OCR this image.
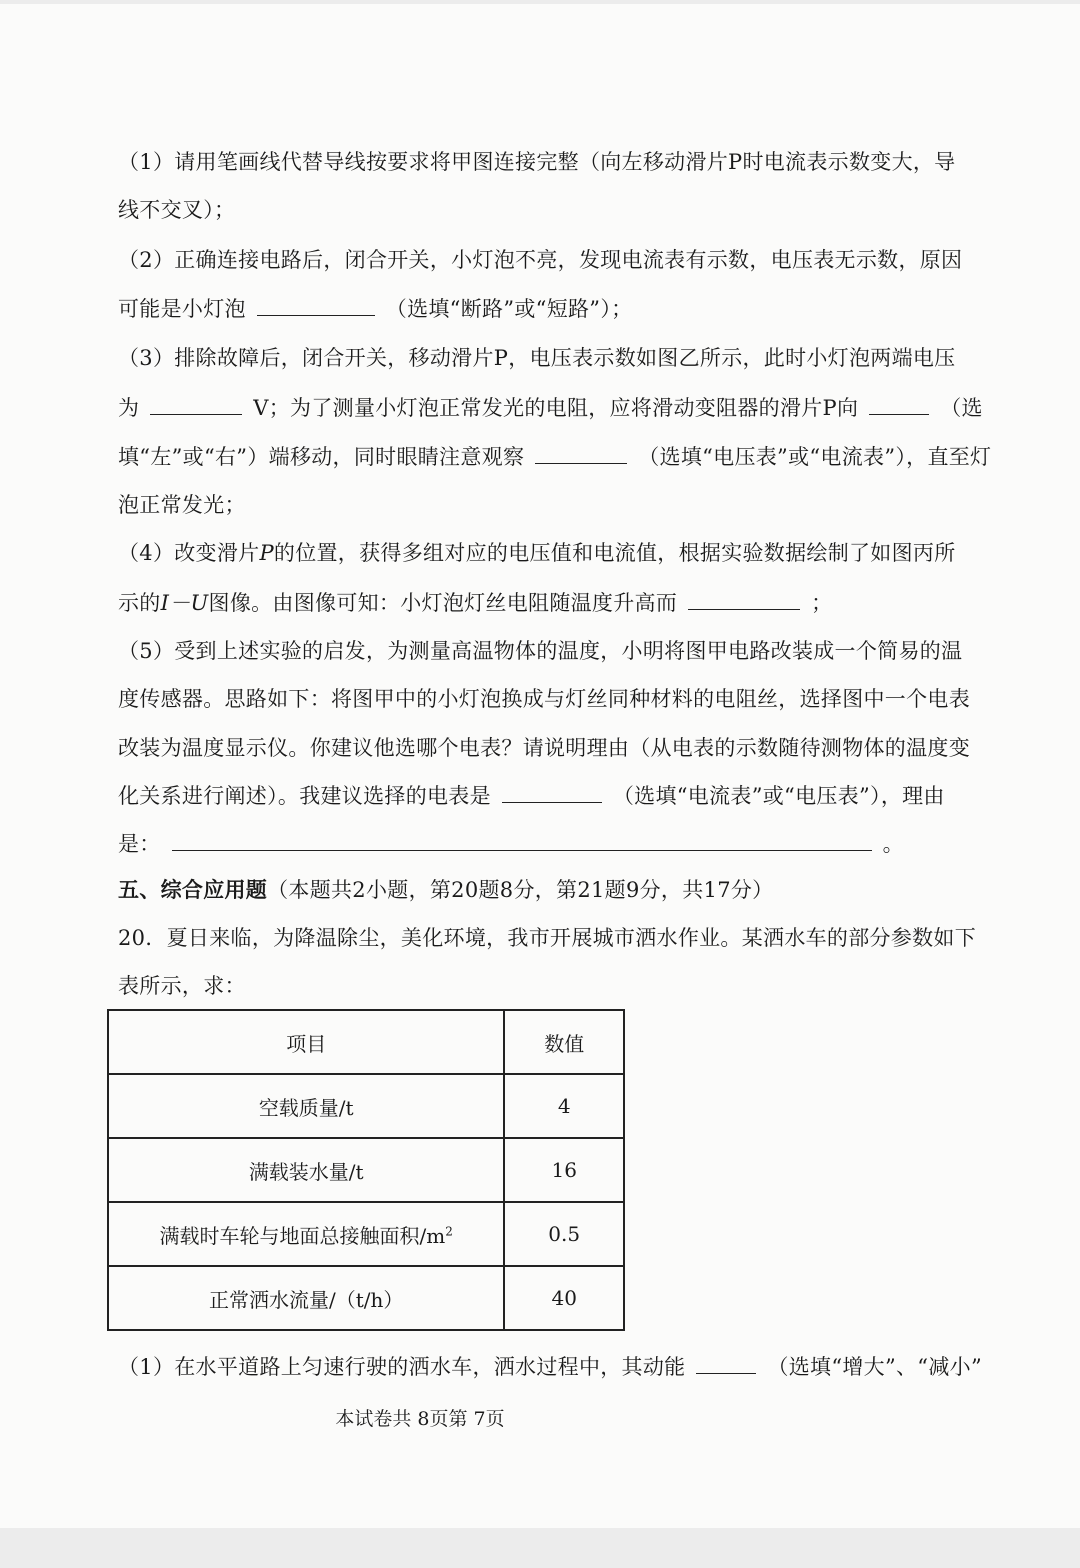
（1）请用笔画线代替导线按要求将甲图连接完整（向左移动滑片P时电流表示数变大，导
线不交叉）；
（2）正确连接电路后，闭合开关，小灯泡不亮，发现电流表有示数，电压表无示数，原因
可能是小灯泡	（选填“断路”或“短路”）；
（3）排除故障后，闭合开关，移动滑片P，电压表示数如图乙所示，此时小灯泡两端电压
为	V；为了测量小灯泡正常发光的电阻，应将滑动变阻器的滑片P向	（选
填“左”或“右”）端移动，同时眼睛注意观察	（选填“电压表”或“电流表”），直至灯
泡正常发光；
（4）改变滑片P的位置，获得多组对应的电压值和电流值，根据实验数据绘制了如图丙所
示的I－U图像。由图像可知：小灯泡灯丝电阻随温度升高而	；
（5）受到上述实验的启发，为测量高温物体的温度，小明将图甲电路改装成一个简易的温
度传感器。思路如下：将图甲中的小灯泡换成与灯丝同种材料的电阻丝，选择图中一个电表
改装为温度显示仪。你建议他选哪个电表？请说明理由（从电表的示数随待测物体的温度变
化关系进行阐述）。我建议选择的电表是	（选填“电流表”或“电压表”），理由
是：	。
五、综合应用题（本题共2小题，第20题8分，第21题9分，共17分）
20．夏日来临，为降温除尘，美化环境，我市开展城市洒水作业。某洒水车的部分参数如下
表所示，求：
项目	数值
空载质量/t	4
满载装水量/t	16
满载时车轮与地面总接触面积$/m^2$	0.5
正常洒水流量/（t/h）	40
（1）在水平道路上匀速行驶的洒水车，洒水过程中，其动能	（选填“增大”、“减小”
本试卷共 8页第 7页
